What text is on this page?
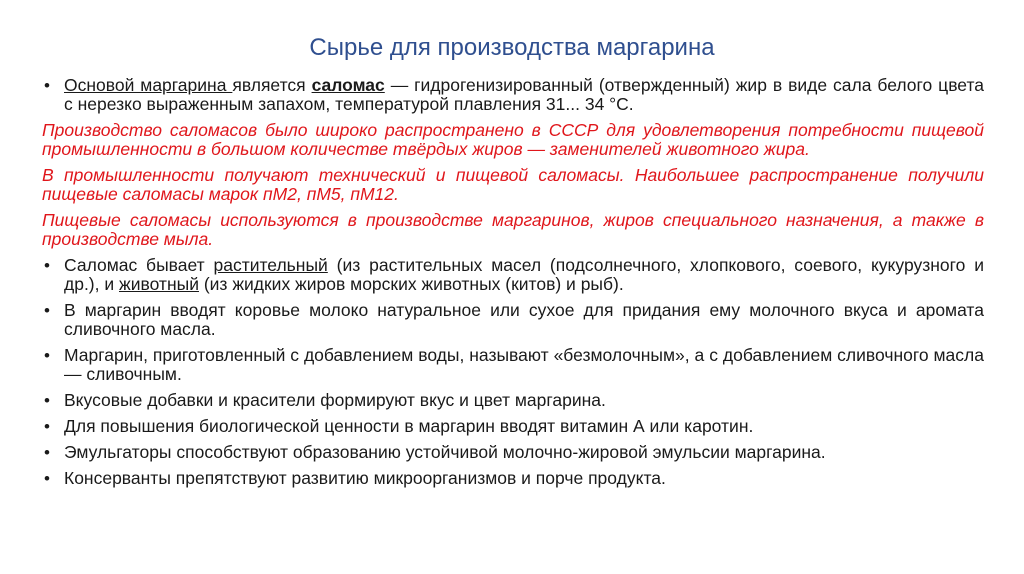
Сырье для производства маргарина
• Основой маргарина является саломас — гидрогенизированный (отвержденный) жир в виде сала белого цвета с нерезко выраженным запахом, температурой плавления 31... 34 °С.
Производство саломасов было широко распространено в СССР для удовлетворения потребности пищевой промышленности в большом количестве твёрдых жиров — заменителей животного жира.
В промышленности получают технический и пищевой саломасы. Наибольшее распространение получили пищевые саломасы марок пМ2, пМ5, пМ12.
Пищевые саломасы используются в производстве маргаринов, жиров специального назначения, а также в производстве мыла.
• Саломас бывает растительный (из растительных масел (подсолнечного, хлопкового, соевого, кукурузного и др.), и животный (из жидких жиров морских животных (китов) и рыб).
• В маргарин вводят коровье молоко натуральное или сухое для придания ему молочного вкуса и аромата сливочного масла.
• Маргарин, приготовленный с добавлением воды, называют «безмолочным», а с добавлением сливочного масла — сливочным.
• Вкусовые добавки и красители формируют вкус и цвет маргарина.
• Для повышения биологической ценности в маргарин вводят витамин А или каротин.
• Эмульгаторы способствуют образованию устойчивой молочно-жировой эмульсии маргарина.
• Консерванты препятствуют развитию микроорганизмов и порче продукта.
